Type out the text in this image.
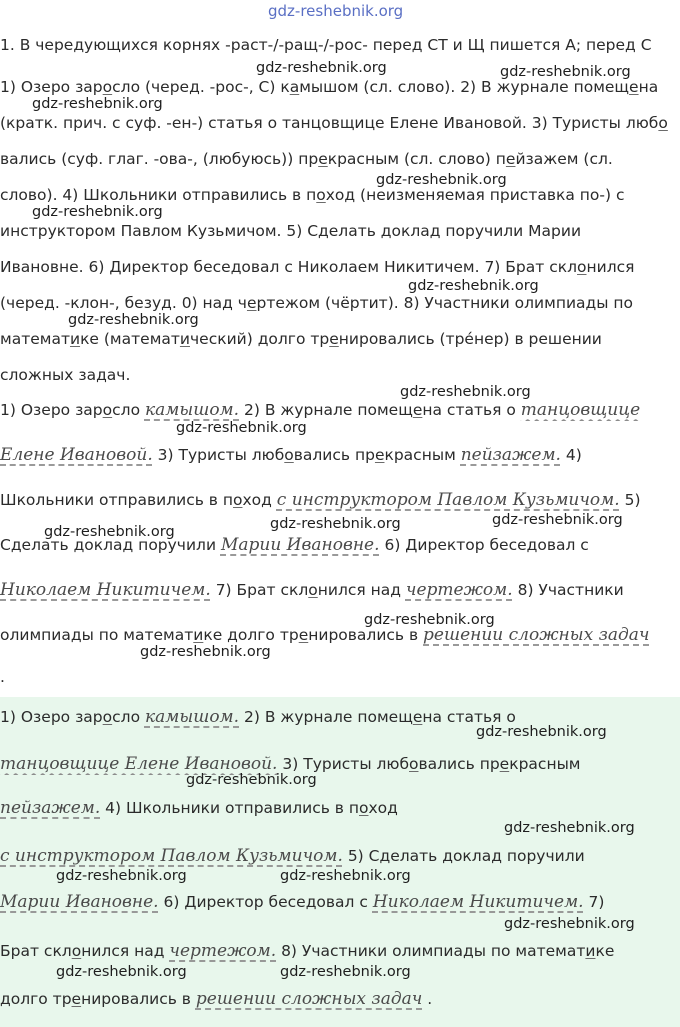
gdz-reshebnik.org
1. В чередующихся корнях -раст-/-ращ-/-рос- перед СТ и Щ пишется А; перед С
1) Озеро заросло (черед. -рос-, С) камышом (сл. слово). 2) В журнале помещена
(кратк. прич. с суф. -ен-) статья о танцовщице Елене Ивановой. 3) Туристы любо
вались (суф. глаг. -ова-, (любуюсь)) прекрасным (сл. слово) пейзажем (сл.
слово). 4) Школьники отправились в поход (неизменяемая приставка по-) с
инструктором Павлом Кузьмичом. 5) Сделать доклад поручили Марии
Ивановне. 6) Директор беседовал с Николаем Никитичем. 7) Брат склонился
(черед. -клон-, безуд. 0) над чертежом (чёртит). 8) Участники олимпиады по
математике (математический) долго тренировались (трéнер) в решении
сложных задач.
1) Озеро заросло камышом. 2) В журнале помещена статья о танцовщице
Елене Ивановой. 3) Туристы любовались прекрасным пейзажем. 4)
Школьники отправились в поход с инструктором Павлом Кузьмичом. 5)
Сделать доклад поручили Марии Ивановне. 6) Директор беседовал с
Николаем Никитичем. 7) Брат склонился над чертежом. 8) Участники
олимпиады по математике долго тренировались в решении сложных задач
.
1) Озеро заросло камышом. 2) В журнале помещена статья о
танцовщице Елене Ивановой. 3) Туристы любовались прекрасным
пейзажем. 4) Школьники отправились в поход
с инструктором Павлом Кузьмичом. 5) Сделать доклад поручили
Марии Ивановне. 6) Директор беседовал с Николаем Никитичем. 7)
Брат склонился над чертежом. 8) Участники олимпиады по математике
долго тренировались в решении сложных задач .
gdz-reshebnik.org	gdz-reshebnik.org
gdz-reshebnik.org
gdz-reshebnik.org
gdz-reshebnik.org
gdz-reshebnik.org
gdz-reshebnik.org
gdz-reshebnik.org
gdz-reshebnik.org
gdz-reshebnik.org	gdz-reshebnik.org	gdz-reshebnik.org
gdz-reshebnik.org
gdz-reshebnik.org
gdz-reshebnik.org
gdz-reshebnik.org
gdz-reshebnik.org
gdz-reshebnik.org	gdz-reshebnik.org
gdz-reshebnik.org
gdz-reshebnik.org	gdz-reshebnik.org
